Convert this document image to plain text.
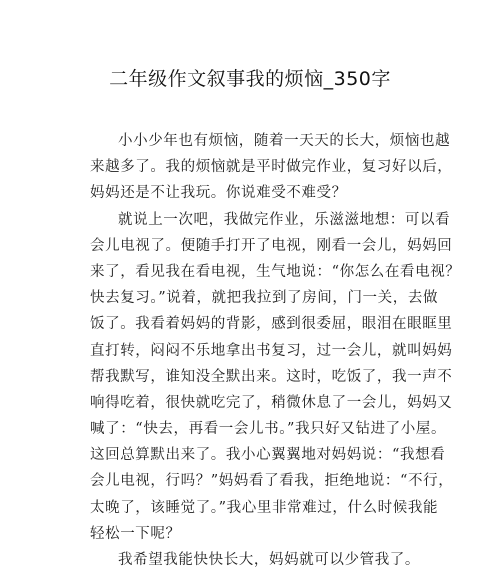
二年级作文叙事我的烦恼_350字
小小少年也有烦恼，随着一天天的长大，烦恼也越
来越多了。我的烦恼就是平时做完作业，复习好以后，
妈妈还是不让我玩。你说难受不难受？
就说上一次吧，我做完作业，乐滋滋地想：可以看
会儿电视了。便随手打开了电视，刚看一会儿，妈妈回
来了，看见我在看电视，生气地说：“你怎么在看电视？
快去复习。”说着，就把我拉到了房间，门一关，去做
饭了。我看着妈妈的背影，感到很委屈，眼泪在眼眶里
直打转，闷闷不乐地拿出书复习，过一会儿，就叫妈妈
帮我默写，谁知没全默出来。这时，吃饭了，我一声不
响得吃着，很快就吃完了，稍微休息了一会儿，妈妈又
喊了：“快去，再看一会儿书。”我只好又钻进了小屋。
这回总算默出来了。我小心翼翼地对妈妈说：“我想看
会儿电视，行吗？”妈妈看了看我，拒绝地说：“不行，
太晚了，该睡觉了。”我心里非常难过，什么时候我能
轻松一下呢？
我希望我能快快长大，妈妈就可以少管我了。
